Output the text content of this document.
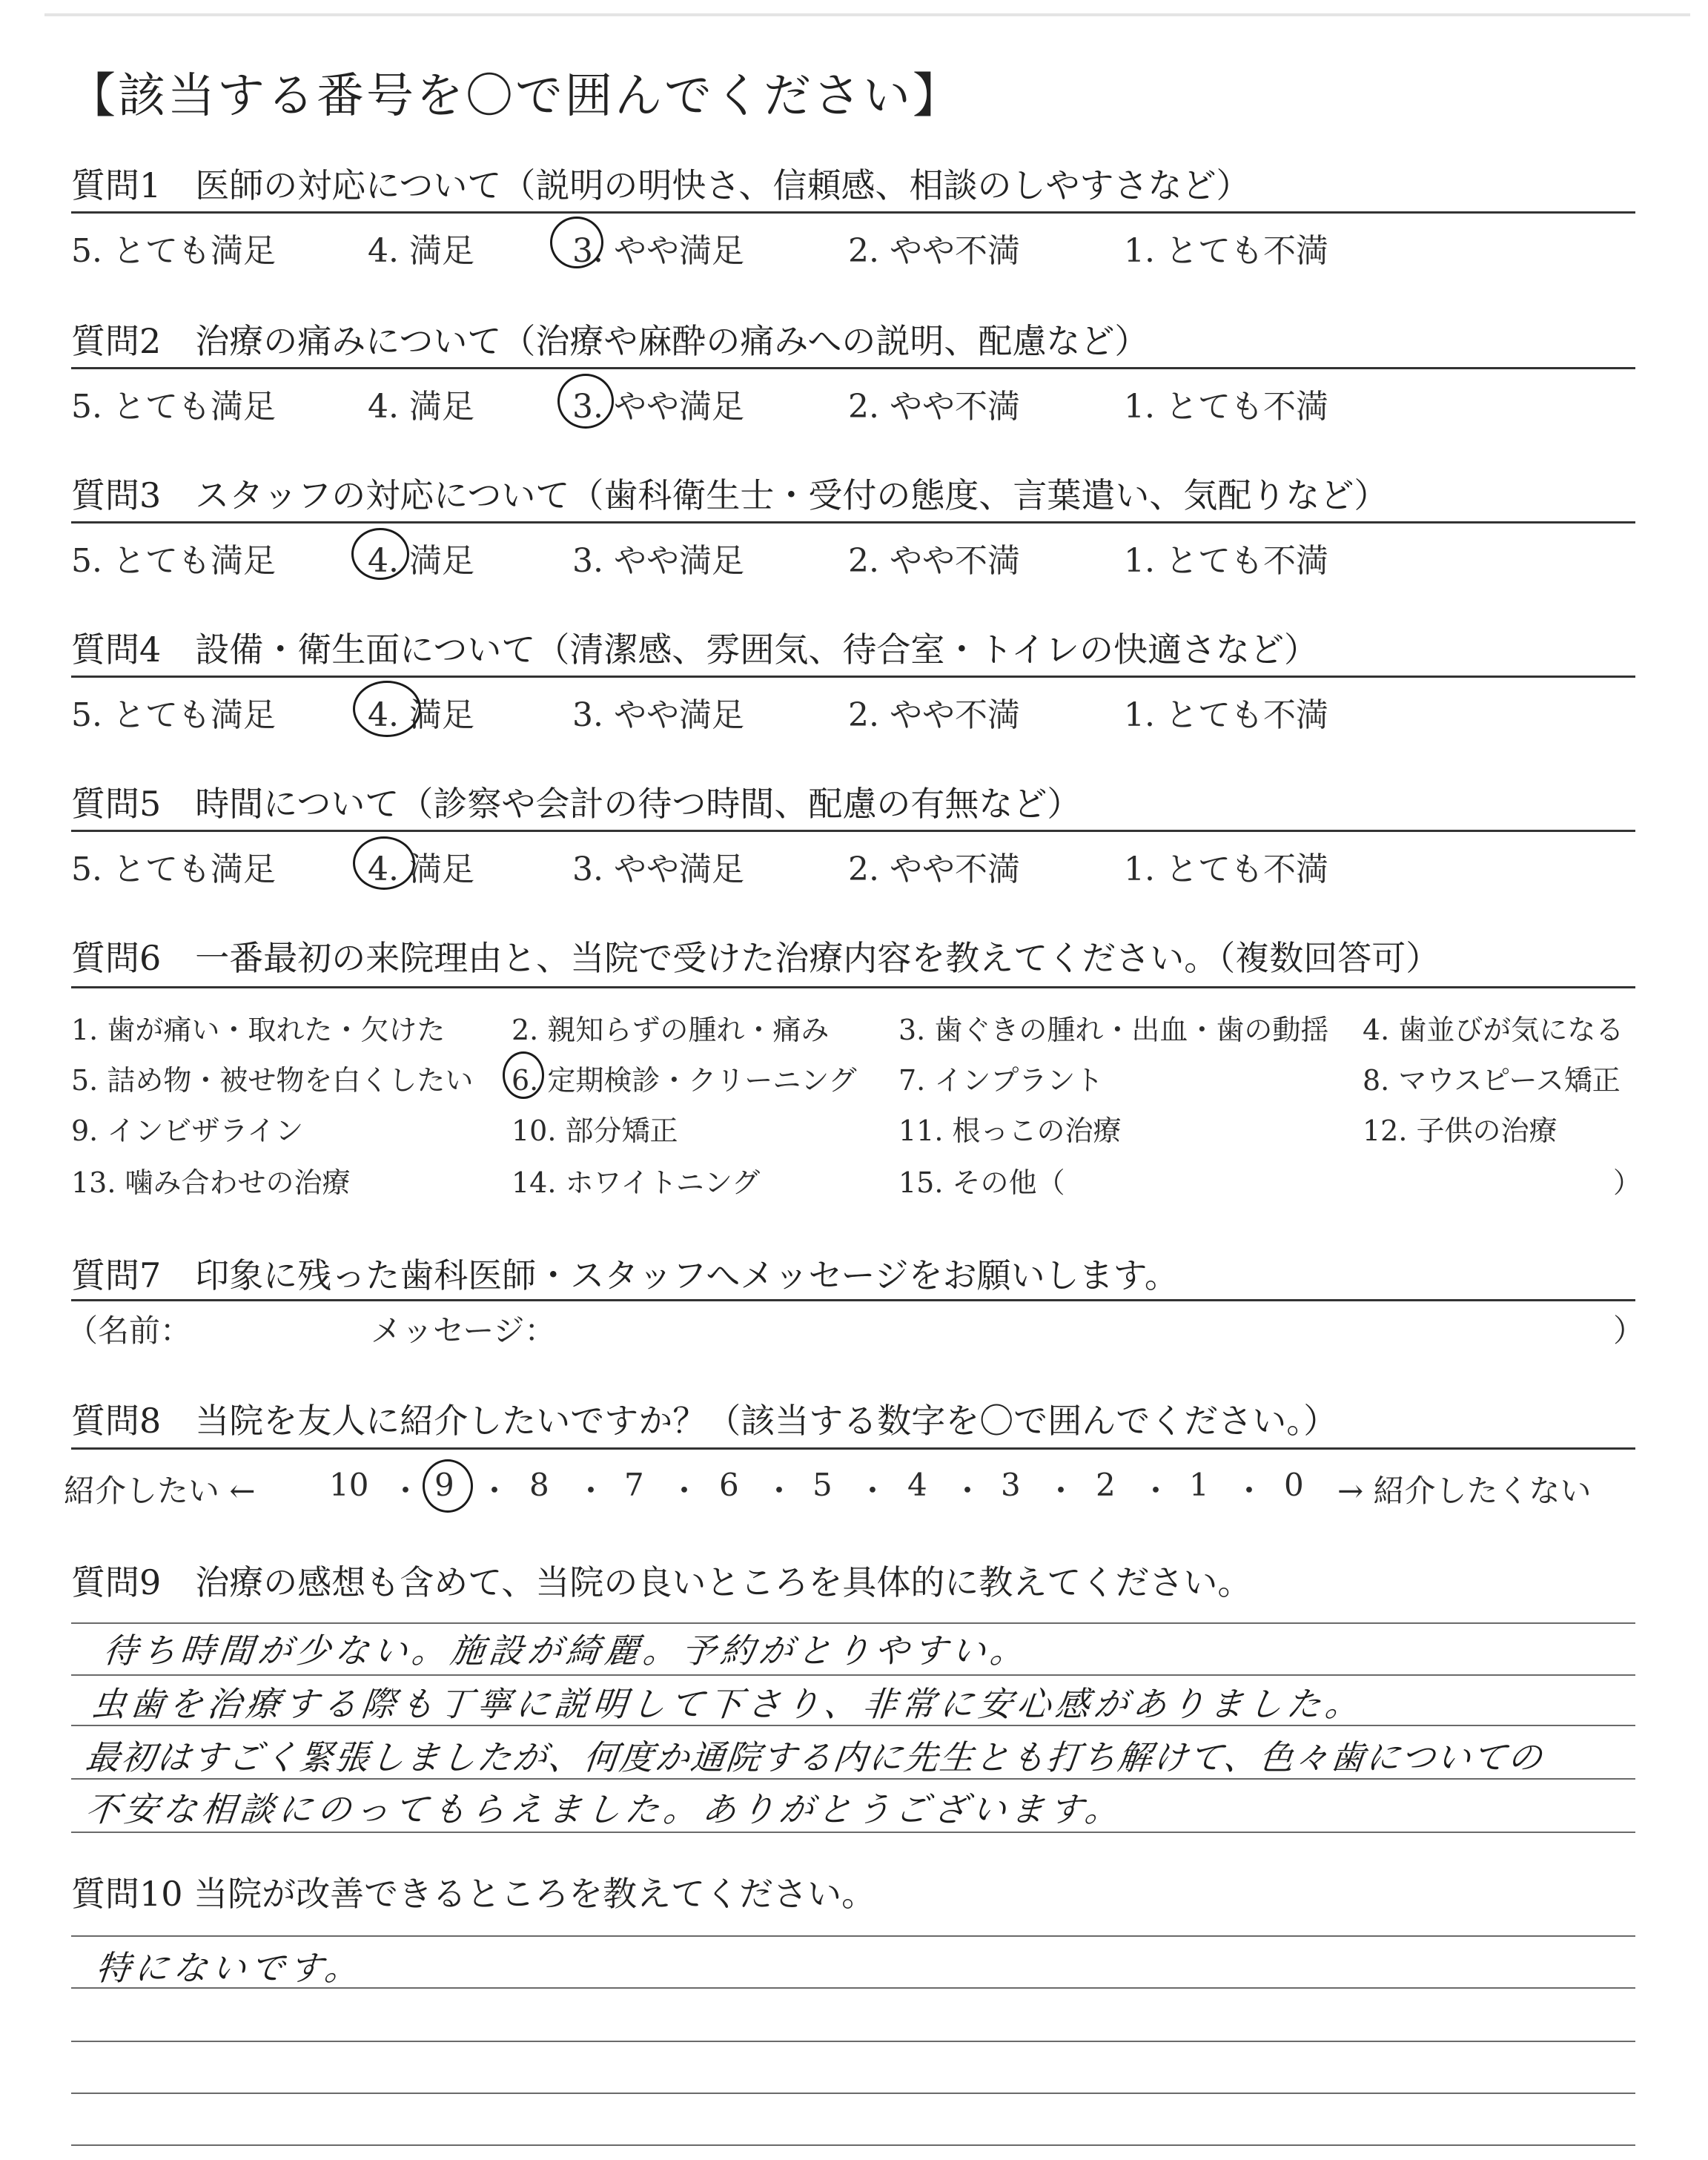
【該当する番号を〇で囲んでください】
質問1　医師の対応について（説明の明快さ、信頼感、相談のしやすさなど）
5. とても満足	4. 満足	3. やや満足	2. やや不満	1. とても不満
質問2　治療の痛みについて（治療や麻酔の痛みへの説明、配慮など）
5. とても満足	4. 満足	3. やや満足	2. やや不満	1. とても不満
質問3　スタッフの対応について（歯科衛生士・受付の態度、言葉遣い、気配りなど）
5. とても満足	4. 満足	3. やや満足	2. やや不満	1. とても不満
質問4　設備・衛生面について（清潔感、雰囲気、待合室・トイレの快適さなど）
5. とても満足	4. 満足	3. やや満足	2. やや不満	1. とても不満
質問5　時間について（診察や会計の待つ時間、配慮の有無など）
5. とても満足	4. 満足	3. やや満足	2. やや不満	1. とても不満
質問6　一番最初の来院理由と、当院で受けた治療内容を教えてください。（複数回答可）
1. 歯が痛い・取れた・欠けた 2. 親知らずの腫れ・痛み 3. 歯ぐきの腫れ・出血・歯の動揺 4. 歯並びが気になる
5. 詰め物・被せ物を白くしたい 6. 定期検診・クリーニング 7. インプラント	8. マウスピース矯正
9. インビザライン	10. 部分矯正	11. 根っこの治療	12. 子供の治療
13. 噛み合わせの治療	14. ホワイトニング	15. その他（	）
質問7　印象に残った歯科医師・スタッフへメッセージをお願いします。
（名前：	メッセージ：	）
質問8　当院を友人に紹介したいですか？（該当する数字を〇で囲んでください。）
紹介したい ← 10 ・ 9 ・ 8 ・ 7 ・ 6 ・ 5 ・ 4 ・ 3 ・ 2 ・ 1 ・ 0 → 紹介したくない
質問9　治療の感想も含めて、当院の良いところを具体的に教えてください。
待ち時間が少ない。施設が綺麗。予約がとりやすい。
虫歯を治療する際も丁寧に説明して下さり、非常に安心感がありました。
最初はすごく緊張しましたが、何度か通院する内に先生とも打ち解けて、色々歯についての
不安な相談にのってもらえました。ありがとうございます。
質問10 当院が改善できるところを教えてください。
特にないです。
